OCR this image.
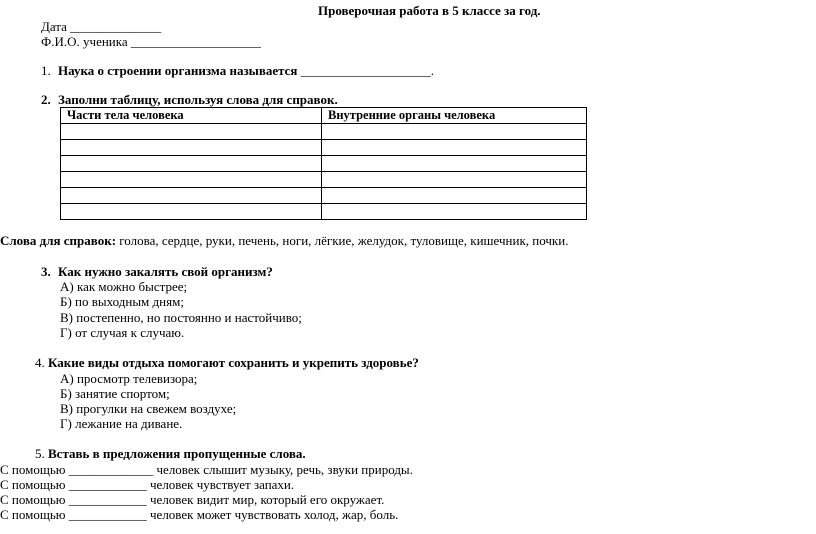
Проверочная работа в 5 классе за год.
Дата ______________
Ф.И.О. ученика ____________________
1. Наука о строении организма называется ____________________.
2. Заполни таблицу, используя слова для справок.
Части тела человека	Внутренние органы человека

Слова для справок: голова, сердце, руки, печень, ноги, лёгкие, желудок, туловище, кишечник, почки.
3. Как нужно закалять свой организм?
А) как можно быстрее;
Б) по выходным дням;
В) постепенно, но постоянно и настойчиво;
Г) от случая к случаю.
4. Какие виды отдыха помогают сохранить и укрепить здоровье?
А) просмотр телевизора;
Б) занятие спортом;
В) прогулки на свежем воздухе;
Г) лежание на диване.
5. Вставь в предложения пропущенные слова.
С помощью _____________ человек слышит музыку, речь, звуки природы.
С помощью ____________ человек чувствует запахи.
С помощью ____________ человек видит мир, который его окружает.
С помощью ____________ человек может чувствовать холод, жар, боль.
